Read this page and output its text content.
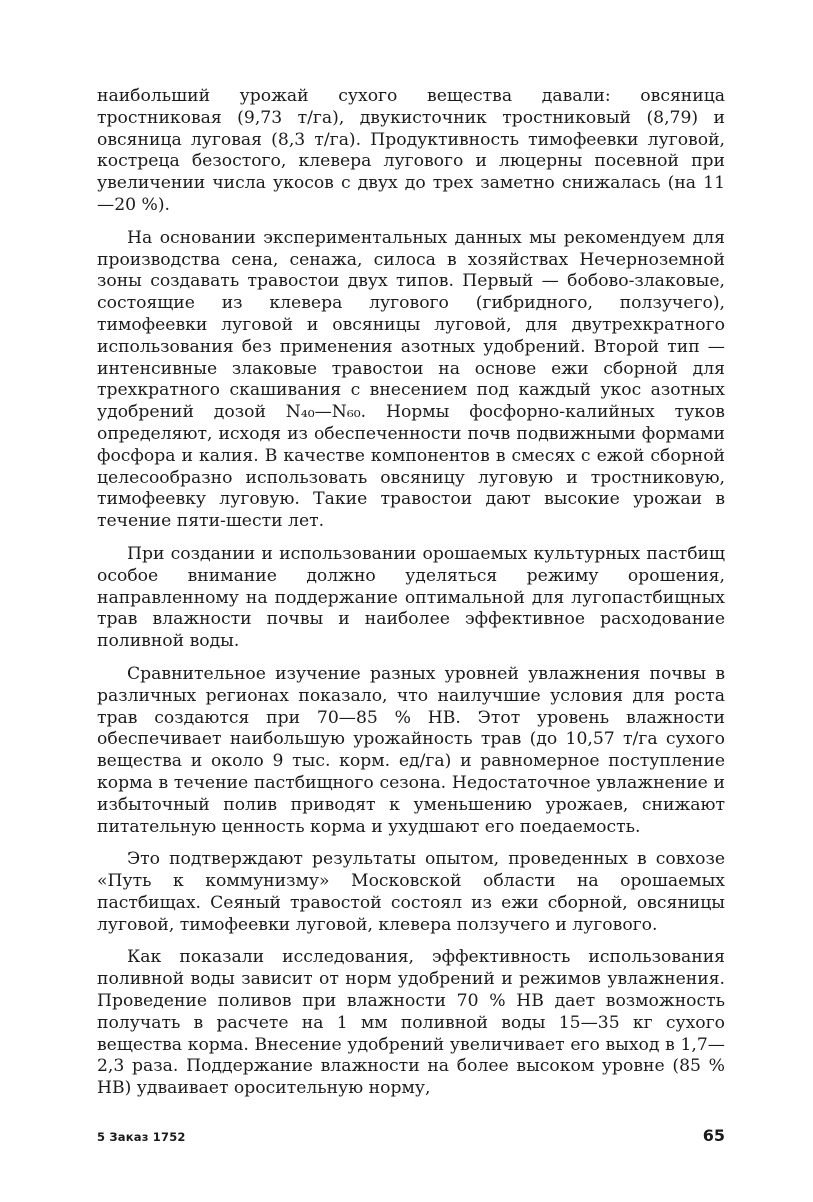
наибольший урожай сухого вещества давали: овсяница тростниковая (9,73 т/га), двукисточник тростниковый (8,79) и овсяница луговая (8,3 т/га). Продуктивность тимофеевки луговой, костреца безостого, клевера лугового и люцерны посевной при увеличении числа укосов с двух до трех заметно снижалась (на 11—20 %).

На основании экспериментальных данных мы рекомендуем для производства сена, сенажа, силоса в хозяйствах Нечерноземной зоны создавать травостои двух типов. Первый — бобово-злаковые, состоящие из клевера лугового (гибридного, ползучего), тимофеевки луговой и овсяницы луговой, для двутрехкратного использования без применения азотных удобрений. Второй тип — интенсивные злаковые травостои на основе ежи сборной для трехкратного скашивания с внесением под каждый укос азотных удобрений дозой N₄₀—N₆₀. Нормы фосфорно-калийных туков определяют, исходя из обеспеченности почв подвижными формами фосфора и калия. В качестве компонентов в смесях с ежой сборной целесообразно использовать овсяницу луговую и тростниковую, тимофеевку луговую. Такие травостои дают высокие урожаи в течение пяти-шести лет.

При создании и использовании орошаемых культурных пастбищ особое внимание должно уделяться режиму орошения, направленному на поддержание оптимальной для лугопастбищных трав влажности почвы и наиболее эффективное расходование поливной воды.

Сравнительное изучение разных уровней увлажнения почвы в различных регионах показало, что наилучшие условия для роста трав создаются при 70—85 % НВ. Этот уровень влажности обеспечивает наибольшую урожайность трав (до 10,57 т/га сухого вещества и около 9 тыс. корм. ед/га) и равномерное поступление корма в течение пастбищного сезона. Недостаточное увлажнение и избыточный полив приводят к уменьшению урожаев, снижают питательную ценность корма и ухудшают его поедаемость.

Это подтверждают результаты опытом, проведенных в совхозе «Путь к коммунизму» Московской области на орошаемых пастбищах. Сеяный травостой состоял из ежи сборной, овсяницы луговой, тимофеевки луговой, клевера ползучего и лугового.

Как показали исследования, эффективность использования поливной воды зависит от норм удобрений и режимов увлажнения. Проведение поливов при влажности 70 % НВ дает возможность получать в расчете на 1 мм поливной воды 15—35 кг сухого вещества корма. Внесение удобрений увеличивает его выход в 1,7—2,3 раза. Поддержание влажности на более высоком уровне (85 % НВ) удваивает оросительную норму,

5 Заказ 1752	65
